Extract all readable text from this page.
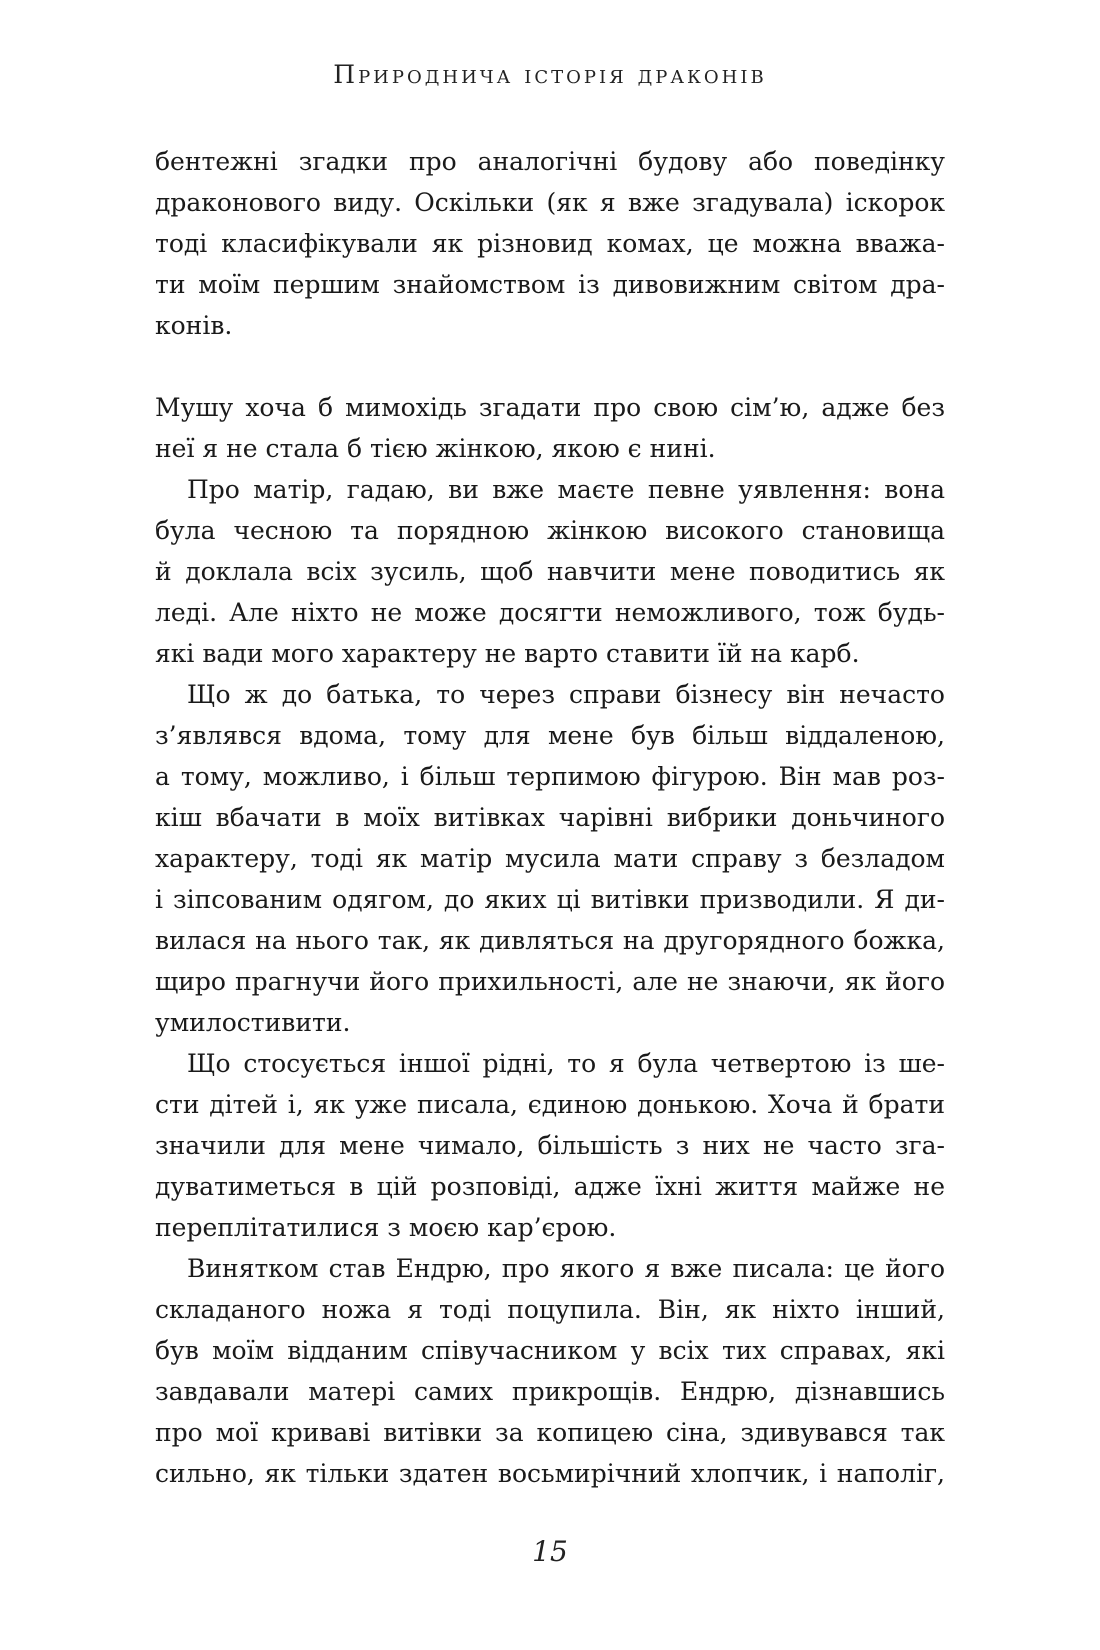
Природнича історія драконів
бентежні згадки про аналогічні будову або поведінку
драконового виду. Оскільки (як я вже згадувала) іскорок
тоді класифікували як різновид комах, це можна вважа-
ти моїм першим знайомством із дивовижним світом дра-
конів.
Мушу хоча б мимохідь згадати про свою сім’ю, адже без
неї я не стала б тією жінкою, якою є нині.
Про матір, гадаю, ви вже маєте певне уявлення: вона
була чесною та порядною жінкою високого становища
й доклала всіх зусиль, щоб навчити мене поводитись як
леді. Але ніхто не може досягти неможливого, тож будь-
які вади мого характеру не варто ставити їй на карб.
Що ж до батька, то через справи бізнесу він нечасто
з’являвся вдома, тому для мене був більш віддаленою,
а тому, можливо, і більш терпимою фігурою. Він мав роз-
кіш вбачати в моїх витівках чарівні вибрики доньчиного
характеру, тоді як матір мусила мати справу з безладом
і зіпсованим одягом, до яких ці витівки призводили. Я ди-
вилася на нього так, як дивляться на другорядного божка,
щиро прагнучи його прихильності, але не знаючи, як його
умилостивити.
Що стосується іншої рідні, то я була четвертою із ше-
сти дітей і, як уже писала, єдиною донькою. Хоча й брати
значили для мене чимало, більшість з них не часто зга-
дуватиметься в цій розповіді, адже їхні життя майже не
переплітатилися з моєю кар’єрою.
Винятком став Ендрю, про якого я вже писала: це його
складаного ножа я тоді поцупила. Він, як ніхто інший,
був моїм відданим співучасником у всіх тих справах, які
завдавали матері самих прикрощів. Ендрю, дізнавшись
про мої криваві витівки за копицею сіна, здивувався так
сильно, як тільки здатен восьмирічний хлопчик, і наполіг,
15
